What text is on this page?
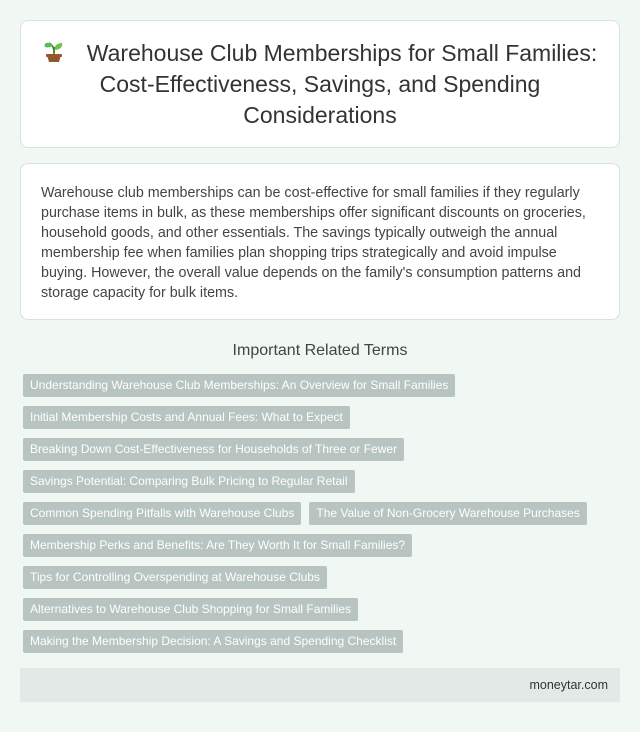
Warehouse Club Memberships for Small Families: Cost-Effectiveness, Savings, and Spending Considerations

Warehouse club memberships can be cost-effective for small families if they regularly purchase items in bulk, as these memberships offer significant discounts on groceries, household goods, and other essentials. The savings typically outweigh the annual membership fee when families plan shopping trips strategically and avoid impulse buying. However, the overall value depends on the family's consumption patterns and storage capacity for bulk items.

Important Related Terms
Understanding Warehouse Club Memberships: An Overview for Small Families
Initial Membership Costs and Annual Fees: What to Expect
Breaking Down Cost-Effectiveness for Households of Three or Fewer
Savings Potential: Comparing Bulk Pricing to Regular Retail
Common Spending Pitfalls with Warehouse Clubs	The Value of Non-Grocery Warehouse Purchases
Membership Perks and Benefits: Are They Worth It for Small Families?
Tips for Controlling Overspending at Warehouse Clubs
Alternatives to Warehouse Club Shopping for Small Families
Making the Membership Decision: A Savings and Spending Checklist
moneytar.com
